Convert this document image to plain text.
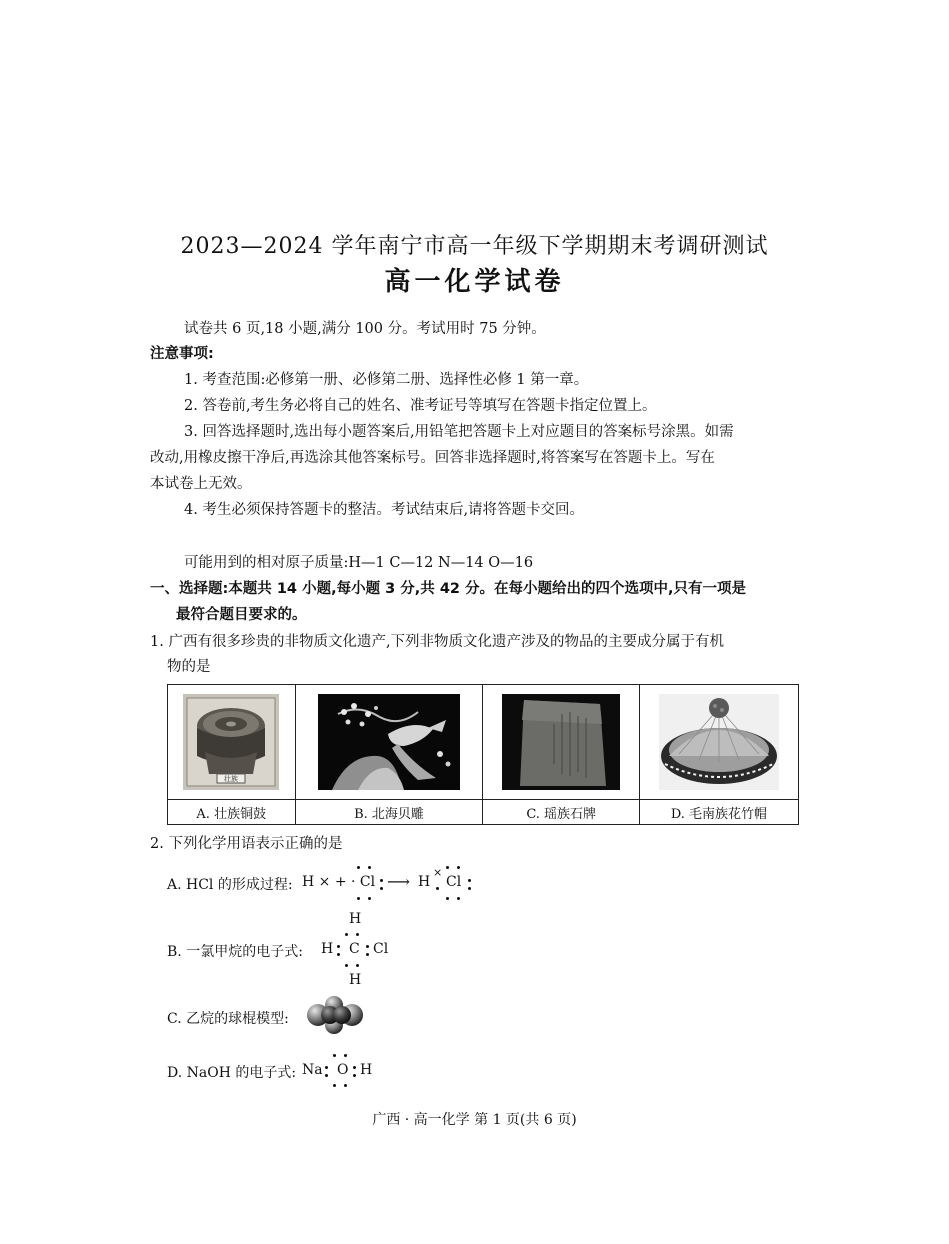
2023—2024 学年南宁市高一年级下学期期末考调研测试
高一化学试卷
试卷共 6 页,18 小题,满分 100 分。考试用时 75 分钟。
注意事项:
1. 考查范围:必修第一册、必修第二册、选择性必修 1 第一章。
2. 答卷前,考生务必将自己的姓名、准考证号等填写在答题卡指定位置上。
3. 回答选择题时,选出每小题答案后,用铅笔把答题卡上对应题目的答案标号涂黑。如需
改动,用橡皮擦干净后,再选涂其他答案标号。回答非选择题时,将答案写在答题卡上。写在
本试卷上无效。
4. 考生必须保持答题卡的整洁。考试结束后,请将答题卡交回。
可能用到的相对原子质量:H—1 C—12 N—14 O—16
一、选择题:本题共 14 小题,每小题 3 分,共 42 分。在每小题给出的四个选项中,只有一项是
最符合题目要求的。
1. 广西有很多珍贵的非物质文化遗产,下列非物质文化遗产涉及的物品的主要成分属于有机
物的是
壮族

A. 壮族铜鼓	B. 北海贝雕	C. 瑶族石牌	D. 毛南族花竹帽
2. 下列化学用语表示正确的是
A. HCl 的形成过程: H × + · Cl ⟶ H
×
Cl
H
B. 一氯甲烷的电子式: H C Cl
H
C. 乙烷的球棍模型:
D. NaOH 的电子式: Na O H
广西 · 高一化学 第 1 页(共 6 页)
